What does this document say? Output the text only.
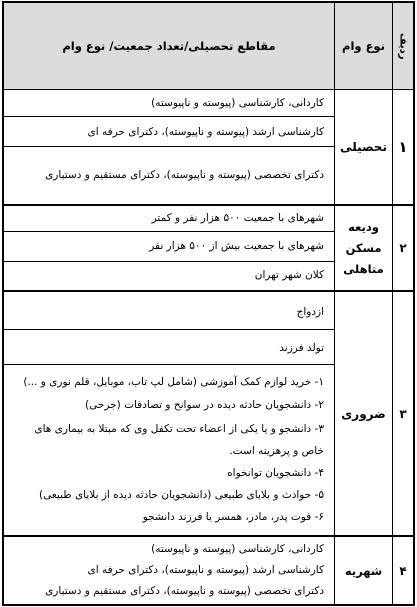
ردیف
نوع وام
مقاطع تحصیلی/تعداد جمعیت/ نوع وام
۱
تحصیلی
کاردانی، کارشناسی (پیوسته و ناپیوسته)
کارشناسی ارشد (پیوسته و ناپیوسته)، دکترای حرفه ای
دکترای تخصصی (پیوسته و ناپیوسته)، دکترای مستقیم و دستیاری
۲
ودیعه
مسکن
متاهلی
شهرهای با جمعیت ۵۰۰ هزار نفر و کمتر
شهرهای با جمعیت بیش از ۵۰۰ هزار نفر
کلان شهر تهران
۳
ضروری
ازدواج
تولد فرزند
۱- خرید لوازم کمک آموزشی (شامل لپ تاب، موبایل، قلم نوری و ...)
۲- دانشجویان حادثه دیده در سوانح و تصادفات (جرحی)
۳- دانشجو و یا یکی از اعضاء تحت تکفل وی که مبتلا به بیماری های خاص و پرهزینه است.
۴- دانشجویان توانخواه
۵- حوادث و بلایای طبیعی (دانشجویان حادثه دیده از بلایای طبیعی)
۶- فوت پدر، مادر، همسر یا فرزند دانشجو
۴
شهریه
کاردانی، کارشناسی (پیوسته و ناپیوسته)
کارشناسی ارشد (پیوسته و ناپیوسته)، دکترای حرفه ای
دکترای تخصصی (پیوسته و ناپیوسته)، دکترای مستقیم و دستیاری
